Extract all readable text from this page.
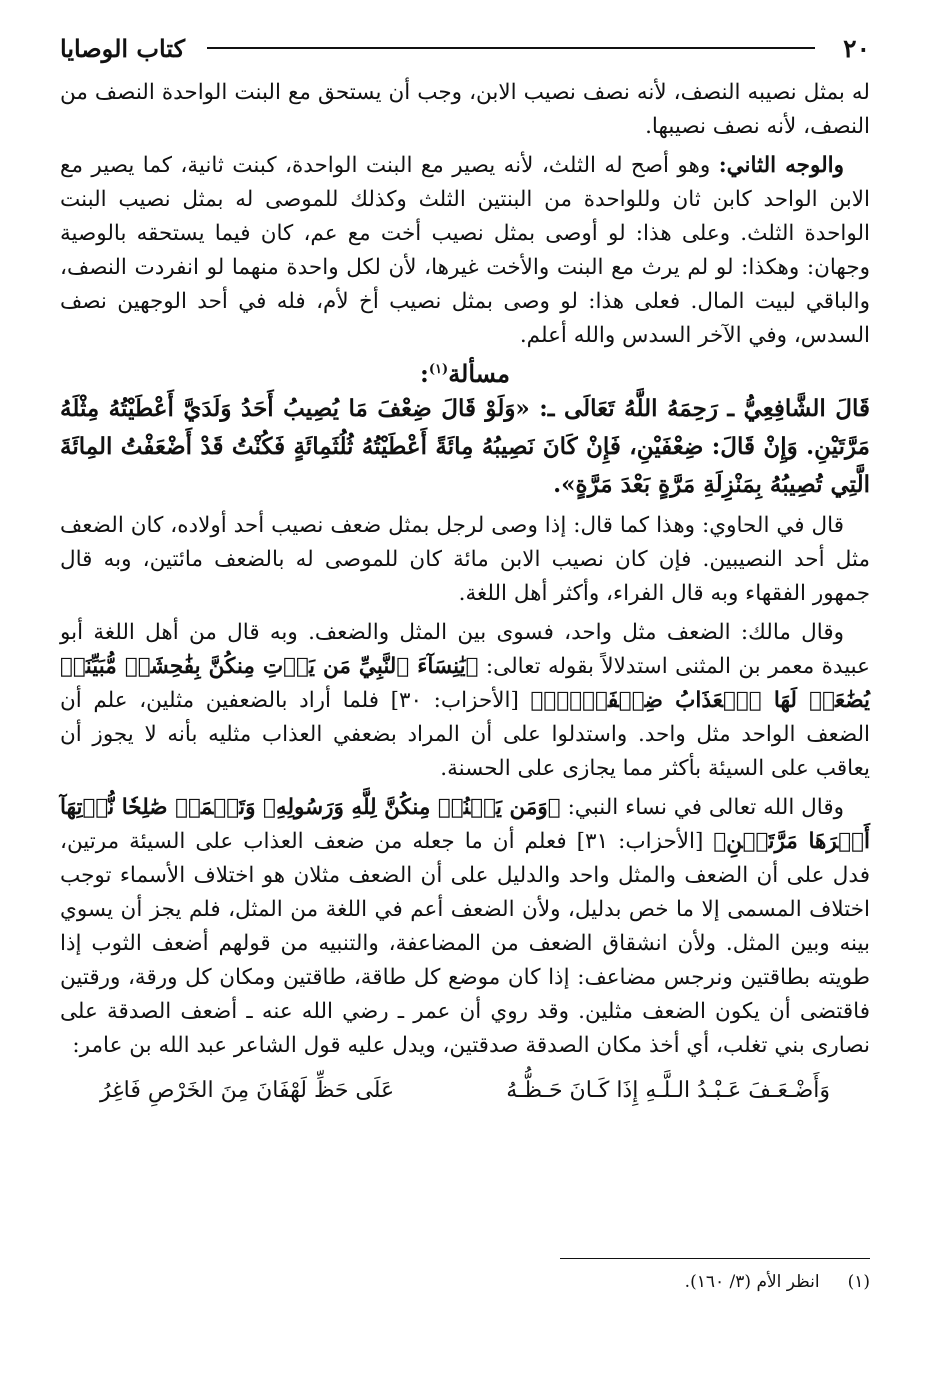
٢٠
كتاب الوصايا

له بمثل نصيبه النصف، لأنه نصف نصيب الابن، وجب أن يستحق مع البنت الواحدة النصف من النصف، لأنه نصف نصيبها.

والوجه الثاني: وهو أصح له الثلث، لأنه يصير مع البنت الواحدة، كبنت ثانية، كما يصير مع الابن الواحد كابن ثان وللواحدة من البنتين الثلث وكذلك للموصى له بمثل نصيب البنت الواحدة الثلث. وعلى هذا: لو أوصى بمثل نصيب أخت مع عم، كان فيما يستحقه بالوصية وجهان: وهكذا: لو لم يرث مع البنت والأخت غيرها، لأن لكل واحدة منهما لو انفردت النصف، والباقي لبيت المال. فعلى هذا: لو وصى بمثل نصيب أخ لأم، فله في أحد الوجهين نصف السدس، وفي الآخر السدس والله أعلم.

مسألة$^{(١)}$:

قَالَ الشَّافِعِيُّ ـ رَحِمَهُ اللَّهُ تَعَالَى ـ: «وَلَوْ قَالَ ضِعْفَ مَا يُصِيبُ أَحَدُ وَلَدَيَّ أَعْطَيْتُهُ مِثْلَهُ مَرَّتَيْنِ. وَإِنْ قَالَ: ضِعْفَيْنِ، فَإِنْ كَانَ نَصِيبُهُ مِائَةً أَعْطَيْتُهُ ثُلُثَمِائَةٍ فَكُنْتُ قَدْ أَضْعَفْتُ المِائَةَ الَّتِي تُصِيبُهُ بِمَنْزِلَةِ مَرَّةٍ بَعْدَ مَرَّةٍ».

قال في الحاوي: وهذا كما قال: إذا وصى لرجل بمثل ضعف نصيب أحد أولاده، كان الضعف مثل أحد النصيبين. فإن كان نصيب الابن مائة كان للموصى له بالضعف مائتين، وبه قال جمهور الفقهاء وبه قال الفراء، وأكثر أهل اللغة.

وقال مالك: الضعف مثل واحد، فسوى بين المثل والضعف. وبه قال من أهل اللغة أبو عبيدة معمر بن المثنى استدلالاً بقوله تعالى: ﴿يَٰنِسَآءَ ٱلنَّبِيِّ مَن يَأۡتِ مِنكُنَّ بِفَٰحِشَةٖ مُّبَيِّنَةٖ يُضَٰعَفۡ لَهَا ٱلۡعَذَابُ ضِعۡفَيۡنِۚ﴾ [الأحزاب: ٣٠] فلما أراد بالضعفين مثلين، علم أن الضعف الواحد مثل واحد. واستدلوا على أن المراد بضعفي العذاب مثليه بأنه لا يجوز أن يعاقب على السيئة بأكثر مما يجازى على الحسنة.

وقال الله تعالى في نساء النبي: ﴿وَمَن يَقۡنُتۡ مِنكُنَّ لِلَّهِ وَرَسُولِهِۦ وَتَعۡمَلۡ صَٰلِحٗا نُّؤۡتِهَآ أَجۡرَهَا مَرَّتَيۡنِ﴾ [الأحزاب: ٣١] فعلم أن ما جعله من ضعف العذاب على السيئة مرتين، فدل على أن الضعف والمثل واحد والدليل على أن الضعف مثلان هو اختلاف الأسماء توجب اختلاف المسمى إلا ما خص بدليل، ولأن الضعف أعم في اللغة من المثل، فلم يجز أن يسوي بينه وبين المثل. ولأن انشقاق الضعف من المضاعفة، والتنبيه من قولهم أضعف الثوب إذا طويته بطاقتين ونرجس مضاعف: إذا كان موضع كل طاقة، طاقتين ومكان كل ورقة، ورقتين فاقتضى أن يكون الضعف مثلين. وقد روي أن عمر ـ رضي الله عنه ـ أضعف الصدقة على نصارى بني تغلب، أي أخذ مكان الصدقة صدقتين، ويدل عليه قول الشاعر عبد الله بن عامر:

وَأَضْـعَـفَ عَـبْـدُ الـلَّـهِ إِذَا كَـانَ حَـظُّـهُ
عَلَى حَظِّ لَهْفَانَ مِنَ الخَرْصِ فَاغِرُ
(١)
انظر الأم (٣/ ١٦٠).
